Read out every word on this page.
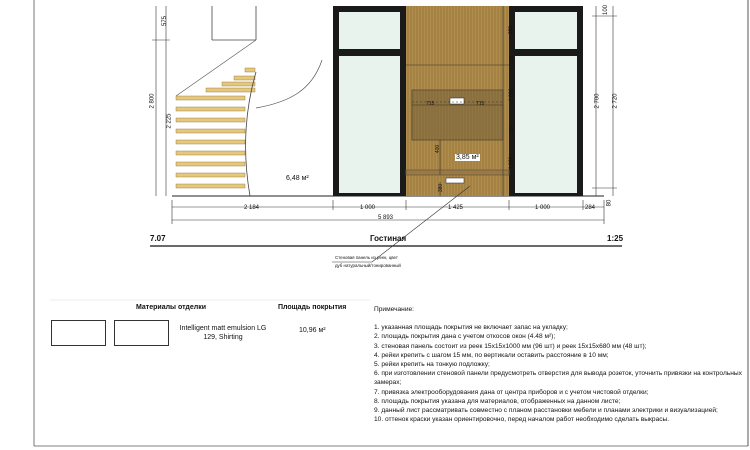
7.07	Гостиная	1:25
2 184	1 000	1 425	1 000	284
5 893
575
2 800
2 225
100
2 720
80
2 700
660
10
1 000
10
1 090
715	715
400
380
6,48 м²
3,85 м²
Стеновая панель из реек, цвет
дуб натуральный/тонированный
Материалы отделки	Площадь покрытия
Intelligent matt emulsion LG 129, Shirting
10,96 м²
Примечание:
1. указанная площадь покрытия не включает запас на укладку;
2. площадь покрытия дана с учетом откосов окон (4.48 м²);
3. стеновая панель состоит из реек 15х15х1000 мм (96 шт) и реек 15х15х680 мм (48 шт);
4. рейки крепить с шагом 15 мм, по вертикали оставить расстояние в 10 мм;
5. рейки крепить на тонкую подложку;
6. при изготовлении стеновой панели предусмотреть отверстия для вывода розеток, уточнить привязки на контрольных замерах;
7. привязка электрооборудования дана от центра приборов и с учетом чистовой отделки;
8. площадь покрытия указана для материалов, отображенных на данном листе;
9. данный лист рассматривать совместно с планом расстановки мебели и планами электрики и визуализацией;
10. оттенок краски указан ориентировочно, перед началом работ необходимо сделать выкрасы.
